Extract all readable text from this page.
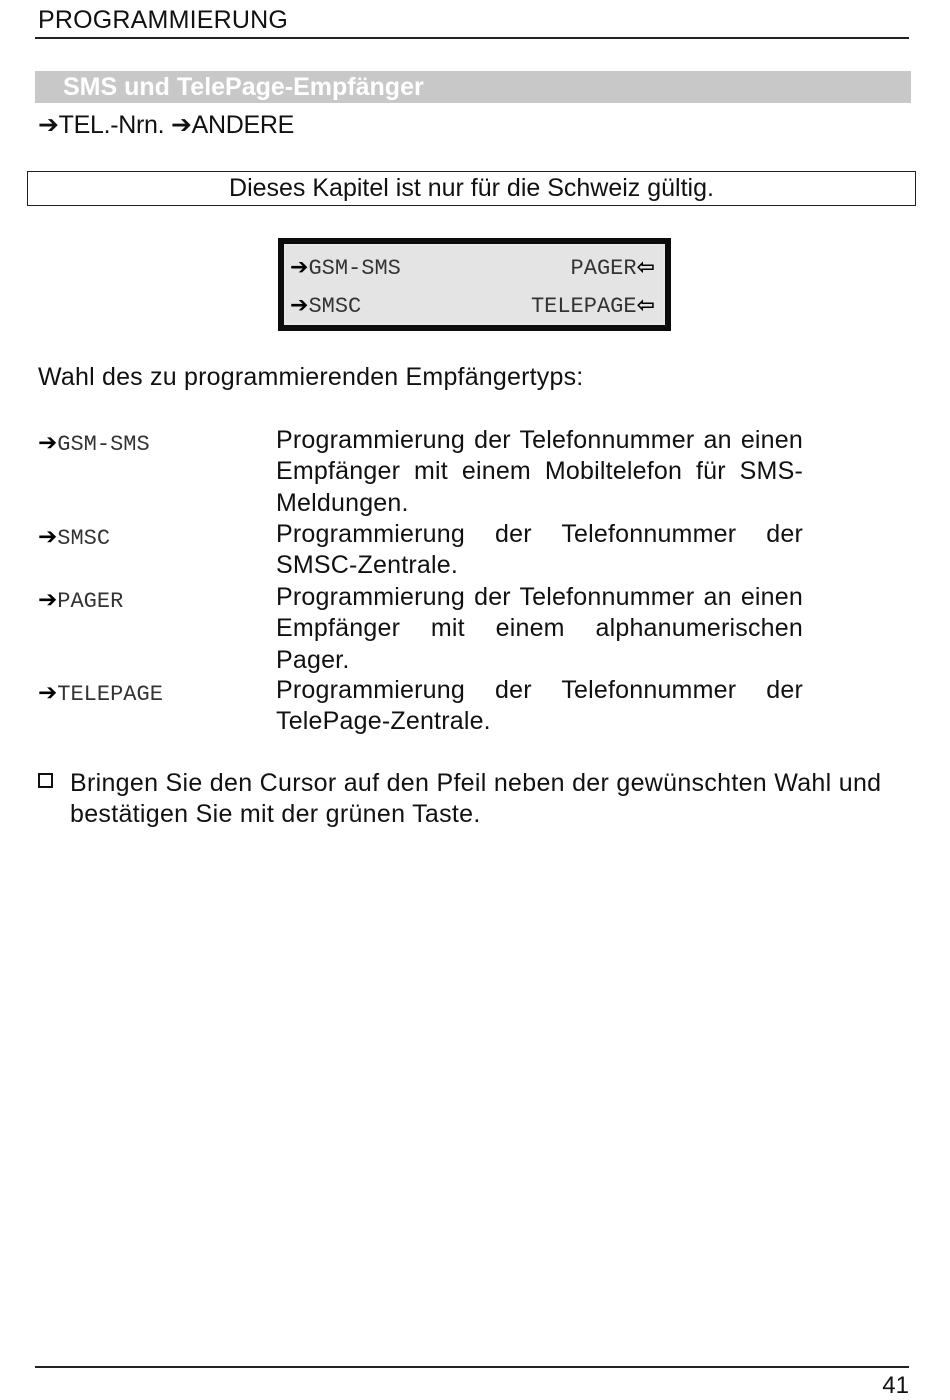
PROGRAMMIERUNG
SMS und TelePage-Empfänger
➔TEL.-Nrn. ➔ANDERE
Dieses Kapitel ist nur für die Schweiz gültig.
➔GSM-SMS	PAGER⇦
➔SMSC	TELEPAGE⇦
Wahl des zu programmierenden Empfängertyps:
➔GSM-SMS	Programmierung der Telefonnummer an einen Empfänger mit einem Mobiltelefon für SMS-Meldungen.
➔SMSC	Programmierung der Telefonnummer der SMSC-Zentrale.
➔PAGER	Programmierung der Telefonnummer an einen Empfänger mit einem alphanumerischen Pager.
➔TELEPAGE	Programmierung der Telefonnummer der TelePage-Zentrale.
Bringen Sie den Cursor auf den Pfeil neben der gewünschten Wahl und bestätigen Sie mit der grünen Taste.
41
